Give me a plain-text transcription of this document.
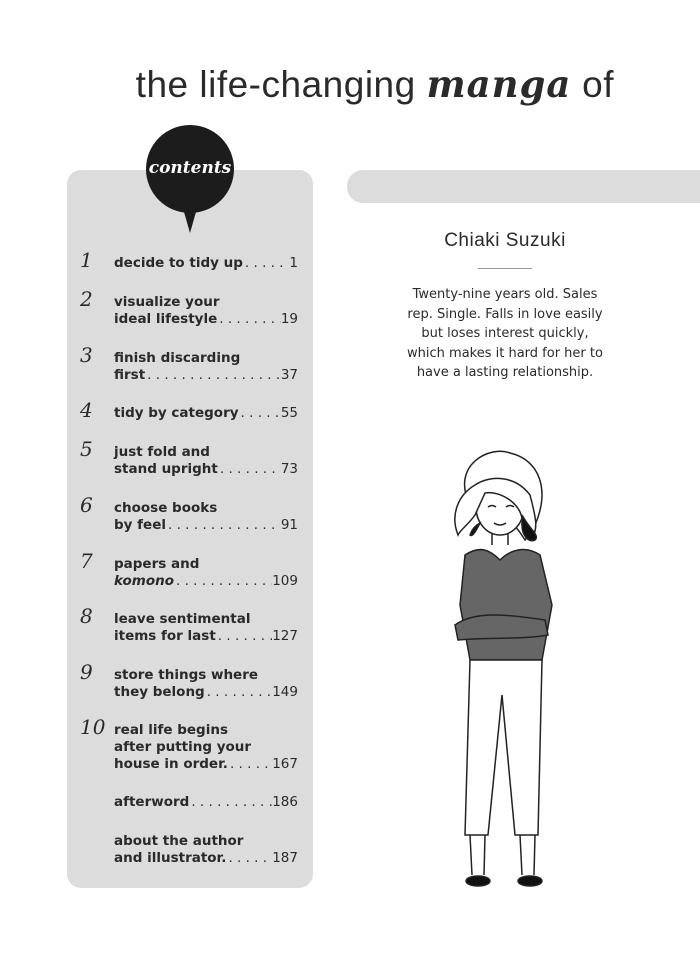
the life-changing manga of
contents
1 decide to tidy up . . .	1
2 visualize your
ideal lifestyle . . .	19
3 finish discarding
first . . .	37
4 tidy by category . . .	55
5 just fold and
stand upright . . .	73
6 choose books
by feel . . .	91
7 papers and
komono . . .	109
8 leave sentimental
items for last . . .	127
9 store things where
they belong . . .	149
10 real life begins
after putting your
house in order. . . .	167
afterword . . .	186
about the author
and illustrator. . . .	187
Chiaki Suzuki
Twenty-nine years old. Sales
rep. Single. Falls in love easily
but loses interest quickly,
which makes it hard for her to
have a lasting relationship.
